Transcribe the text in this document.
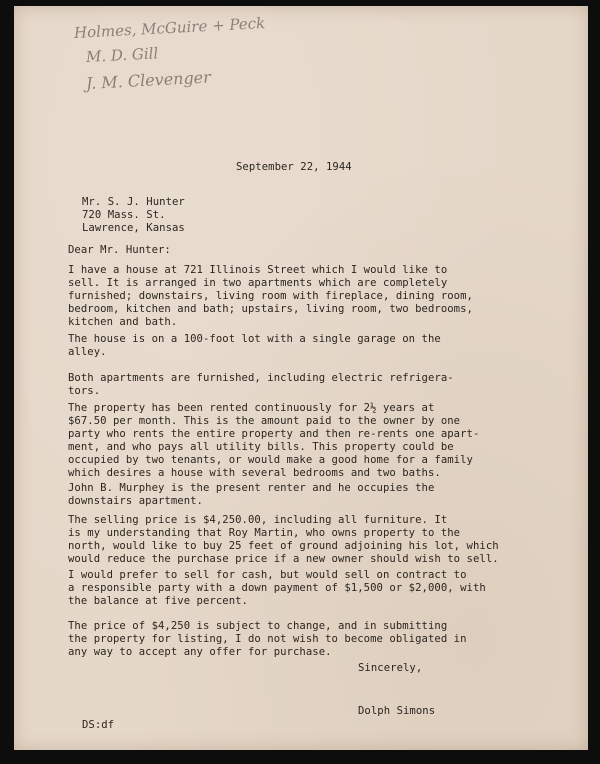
Holmes, McGuire + Peck

M. D. Gill

J. M. Clevenger

September 22, 1944

Mr. S. J. Hunter

720 Mass. St.

Lawrence, Kansas

Dear Mr. Hunter:

I have a house at 721 Illinois Street which I would like to
sell. It is arranged in two apartments which are completely
furnished; downstairs, living room with fireplace, dining room,
bedroom, kitchen and bath; upstairs, living room, two bedrooms,
kitchen and bath.

The house is on a 100-foot lot with a single garage on the
alley.

Both apartments are furnished, including electric refrigera-
tors.

The property has been rented continuously for 2½ years at
$67.50 per month. This is the amount paid to the owner by one
party who rents the entire property and then re-rents one apart-
ment, and who pays all utility bills. This property could be
occupied by two tenants, or would make a good home for a family
which desires a house with several bedrooms and two baths.

John B. Murphey is the present renter and he occupies the
downstairs apartment.

The selling price is $4,250.00, including all furniture. It
is my understanding that Roy Martin, who owns property to the
north, would like to buy 25 feet of ground adjoining his lot, which
would reduce the purchase price if a new owner should wish to sell.

I would prefer to sell for cash, but would sell on contract to
a responsible party with a down payment of $1,500 or $2,000, with
the balance at five percent.

The price of $4,250 is subject to change, and in submitting
the property for listing, I do not wish to become obligated in
any way to accept any offer for purchase.

Sincerely,

Dolph Simons

DS:df
